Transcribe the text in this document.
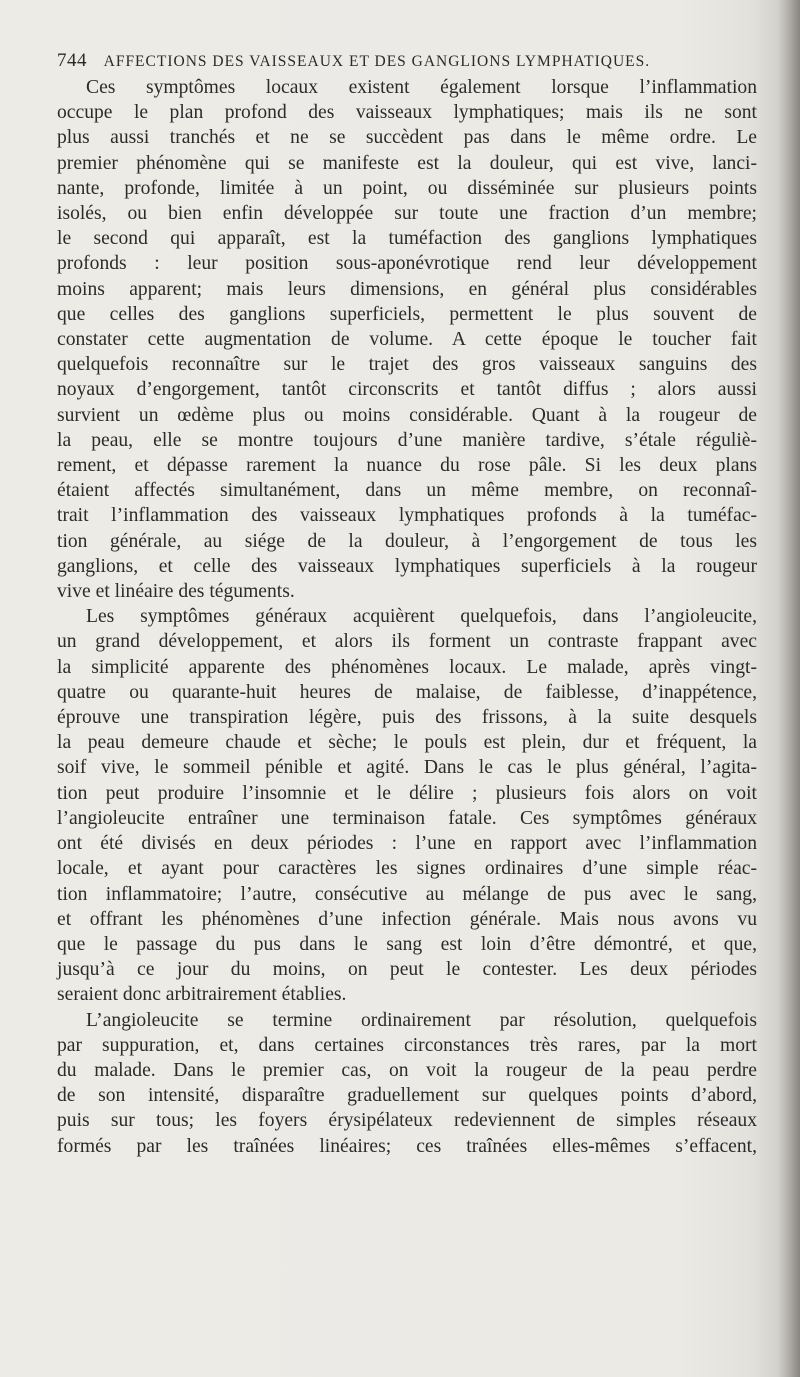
744 AFFECTIONS DES VAISSEAUX ET DES GANGLIONS LYMPHATIQUES.
Ces symptômes locaux existent également lorsque l’inflammation
occupe le plan profond des vaisseaux lymphatiques; mais ils ne sont
plus aussi tranchés et ne se succèdent pas dans le même ordre. Le
premier phénomène qui se manifeste est la douleur, qui est vive, lanci-
nante, profonde, limitée à un point, ou disséminée sur plusieurs points
isolés, ou bien enfin développée sur toute une fraction d’un membre;
le second qui apparaît, est la tuméfaction des ganglions lymphatiques
profonds : leur position sous-aponévrotique rend leur développement
moins apparent; mais leurs dimensions, en général plus considérables
que celles des ganglions superficiels, permettent le plus souvent de
constater cette augmentation de volume. A cette époque le toucher fait
quelquefois reconnaître sur le trajet des gros vaisseaux sanguins des
noyaux d’engorgement, tantôt circonscrits et tantôt diffus ; alors aussi
survient un œdème plus ou moins considérable. Quant à la rougeur de
la peau, elle se montre toujours d’une manière tardive, s’étale réguliè-
rement, et dépasse rarement la nuance du rose pâle. Si les deux plans
étaient affectés simultanément, dans un même membre, on reconnaî-
trait l’inflammation des vaisseaux lymphatiques profonds à la tuméfac-
tion générale, au siége de la douleur, à l’engorgement de tous les
ganglions, et celle des vaisseaux lymphatiques superficiels à la rougeur
vive et linéaire des téguments.
Les symptômes généraux acquièrent quelquefois, dans l’angioleucite,
un grand développement, et alors ils forment un contraste frappant avec
la simplicité apparente des phénomènes locaux. Le malade, après vingt-
quatre ou quarante-huit heures de malaise, de faiblesse, d’inappétence,
éprouve une transpiration légère, puis des frissons, à la suite desquels
la peau demeure chaude et sèche; le pouls est plein, dur et fréquent, la
soif vive, le sommeil pénible et agité. Dans le cas le plus général, l’agita-
tion peut produire l’insomnie et le délire ; plusieurs fois alors on voit
l’angioleucite entraîner une terminaison fatale. Ces symptômes généraux
ont été divisés en deux périodes : l’une en rapport avec l’inflammation
locale, et ayant pour caractères les signes ordinaires d’une simple réac-
tion inflammatoire; l’autre, consécutive au mélange de pus avec le sang,
et offrant les phénomènes d’une infection générale. Mais nous avons vu
que le passage du pus dans le sang est loin d’être démontré, et que,
jusqu’à ce jour du moins, on peut le contester. Les deux périodes
seraient donc arbitrairement établies.
L’angioleucite se termine ordinairement par résolution, quelquefois
par suppuration, et, dans certaines circonstances très rares, par la mort
du malade. Dans le premier cas, on voit la rougeur de la peau perdre
de son intensité, disparaître graduellement sur quelques points d’abord,
puis sur tous; les foyers érysipélateux redeviennent de simples réseaux
formés par les traînées linéaires; ces traînées elles-mêmes s’effacent,
